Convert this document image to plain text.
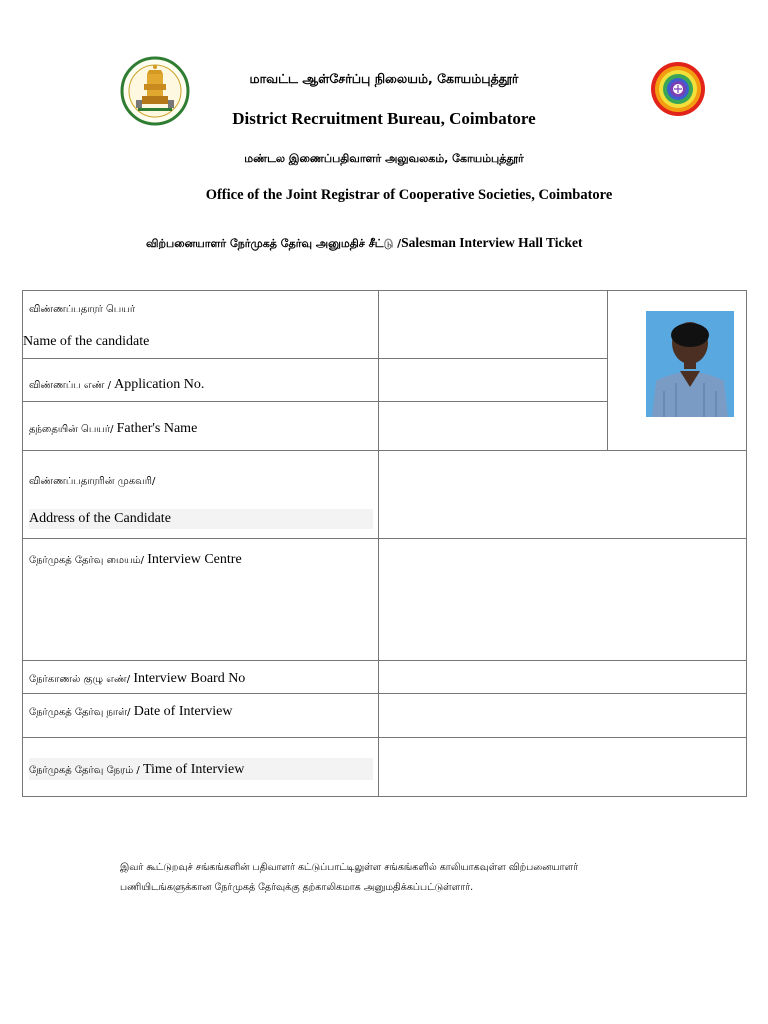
மாவட்ட ஆள்சேர்ப்பு நிலையம், கோயம்புத்தூர்
District Recruitment Bureau, Coimbatore
மண்டல இணைப்பதிவாளர் அலுவலகம், கோயம்புத்தூர்
Office of the Joint Registrar of Cooperative Societies, Coimbatore
விற்பனையாளர் நேர்முகத் தேர்வு அனுமதிச் சீட்டு /Salesman Interview Hall Ticket
விண்ணப்பதாரர் பெயர்
Name of the candidate

விண்ணப்ப எண் / Application No.		

தந்தையின் பெயர்/ Father's Name		

விண்ணப்பதாரரின் முகவரி/
Address of the Candidate		

நேர்முகத் தேர்வு மையம்/ Interview Centre		

நேர்காணல் குழு எண்/ Interview Board No		

நேர்முகத் தேர்வு நாள்/ Date of Interview		

நேர்முகத் தேர்வு நேரம் / Time of Interview		

இவர் கூட்டுறவுச் சங்கங்களின் பதிவாளர் கட்டுப்பாட்டிலுள்ள சங்கங்களில் காலியாகவுள்ள விற்பனையாளர்
பணியிடங்களுக்கான நேர்முகத் தேர்வுக்கு தற்காலிகமாக அனுமதிக்கப்பட்டுள்ளார்.
